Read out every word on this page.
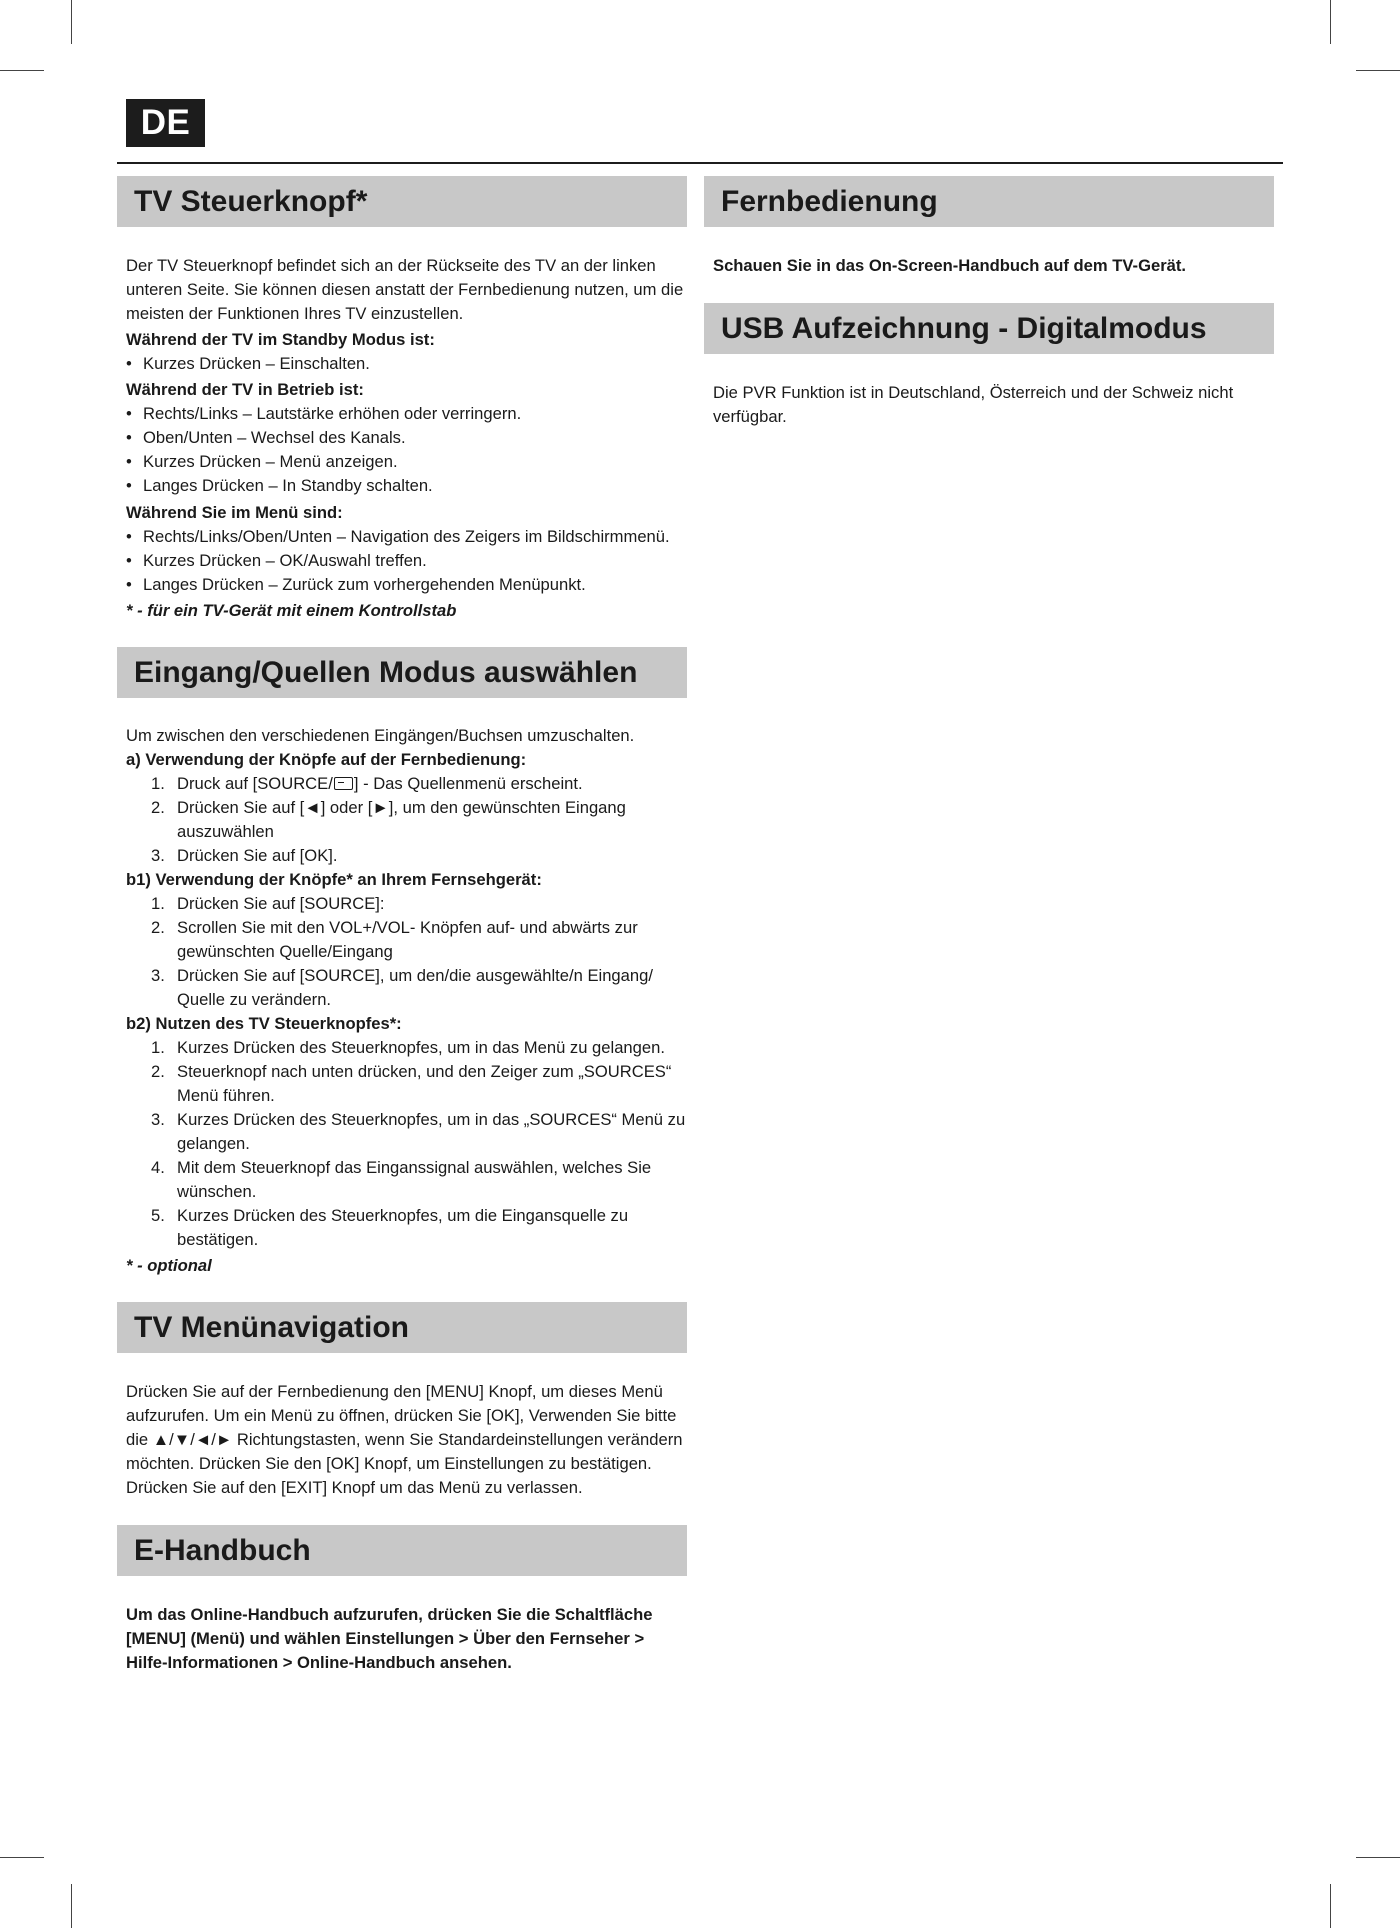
DE
TV Steuerknopf*

Der TV Steuerknopf befindet sich an der Rückseite des TV an der linken unteren Seite. Sie können diesen anstatt der Fernbedienung nutzen, um die meisten der Funktionen Ihres TV einzustellen.

Während der TV im Standby Modus ist:

• Kurzes Drücken – Einschalten.

Während der TV in Betrieb ist:

• Rechts/Links – Lautstärke erhöhen oder verringern.
• Oben/Unten – Wechsel des Kanals.
• Kurzes Drücken – Menü anzeigen.
• Langes Drücken – In Standby schalten.

Während Sie im Menü sind:

• Rechts/Links/Oben/Unten – Navigation des Zeigers im Bildschirmmenü.
• Kurzes Drücken – OK/Auswahl treffen.
• Langes Drücken – Zurück zum vorhergehenden Menüpunkt.

* - für ein TV-Gerät mit einem Kontrollstab

Eingang/Quellen Modus auswählen

Um zwischen den verschiedenen Eingängen/Buchsen umzuschalten.

a) Verwendung der Knöpfe auf der Fernbedienung:

1. Druck auf [SOURCE/ ] - Das Quellenmenü erscheint.
2. Drücken Sie auf [◄] oder [►], um den gewünschten Eingang auszuwählen
3. Drücken Sie auf [OK].

b1) Verwendung der Knöpfe* an Ihrem Fernsehgerät:

1. Drücken Sie auf [SOURCE]:
2. Scrollen Sie mit den VOL+/VOL- Knöpfen auf- und abwärts zur gewünschten Quelle/Eingang
3. Drücken Sie auf [SOURCE], um den/die ausgewählte/n Eingang/ Quelle zu verändern.

b2) Nutzen des TV Steuerknopfes*:

1. Kurzes Drücken des Steuerknopfes, um in das Menü zu gelangen.
2. Steuerknopf nach unten drücken, und den Zeiger zum „SOURCES“ Menü führen.
3. Kurzes Drücken des Steuerknopfes, um in das „SOURCES“ Menü zu gelangen.
4. Mit dem Steuerknopf das Einganssignal auswählen, welches Sie wünschen.
5. Kurzes Drücken des Steuerknopfes, um die Eingansquelle zu bestätigen.

* - optional

TV Menünavigation

Drücken Sie auf der Fernbedienung den [MENU] Knopf, um dieses Menü aufzurufen. Um ein Menü zu öffnen, drücken Sie [OK], Verwenden Sie bitte die ▲/▼/◄/► Richtungstasten, wenn Sie Standardeinstellungen verändern möchten. Drücken Sie den [OK] Knopf, um Einstellungen zu bestätigen. Drücken Sie auf den [EXIT] Knopf um das Menü zu verlassen.

E-Handbuch

Um das Online-Handbuch aufzurufen, drücken Sie die Schaltfläche [MENU] (Menü) und wählen Einstellungen > Über den Fernseher > Hilfe-Informationen > Online-Handbuch ansehen.

Fernbedienung

Schauen Sie in das On-Screen-Handbuch auf dem TV-Gerät.

USB Aufzeichnung - Digitalmodus

Die PVR Funktion ist in Deutschland, Österreich und der Schweiz nicht verfügbar.
